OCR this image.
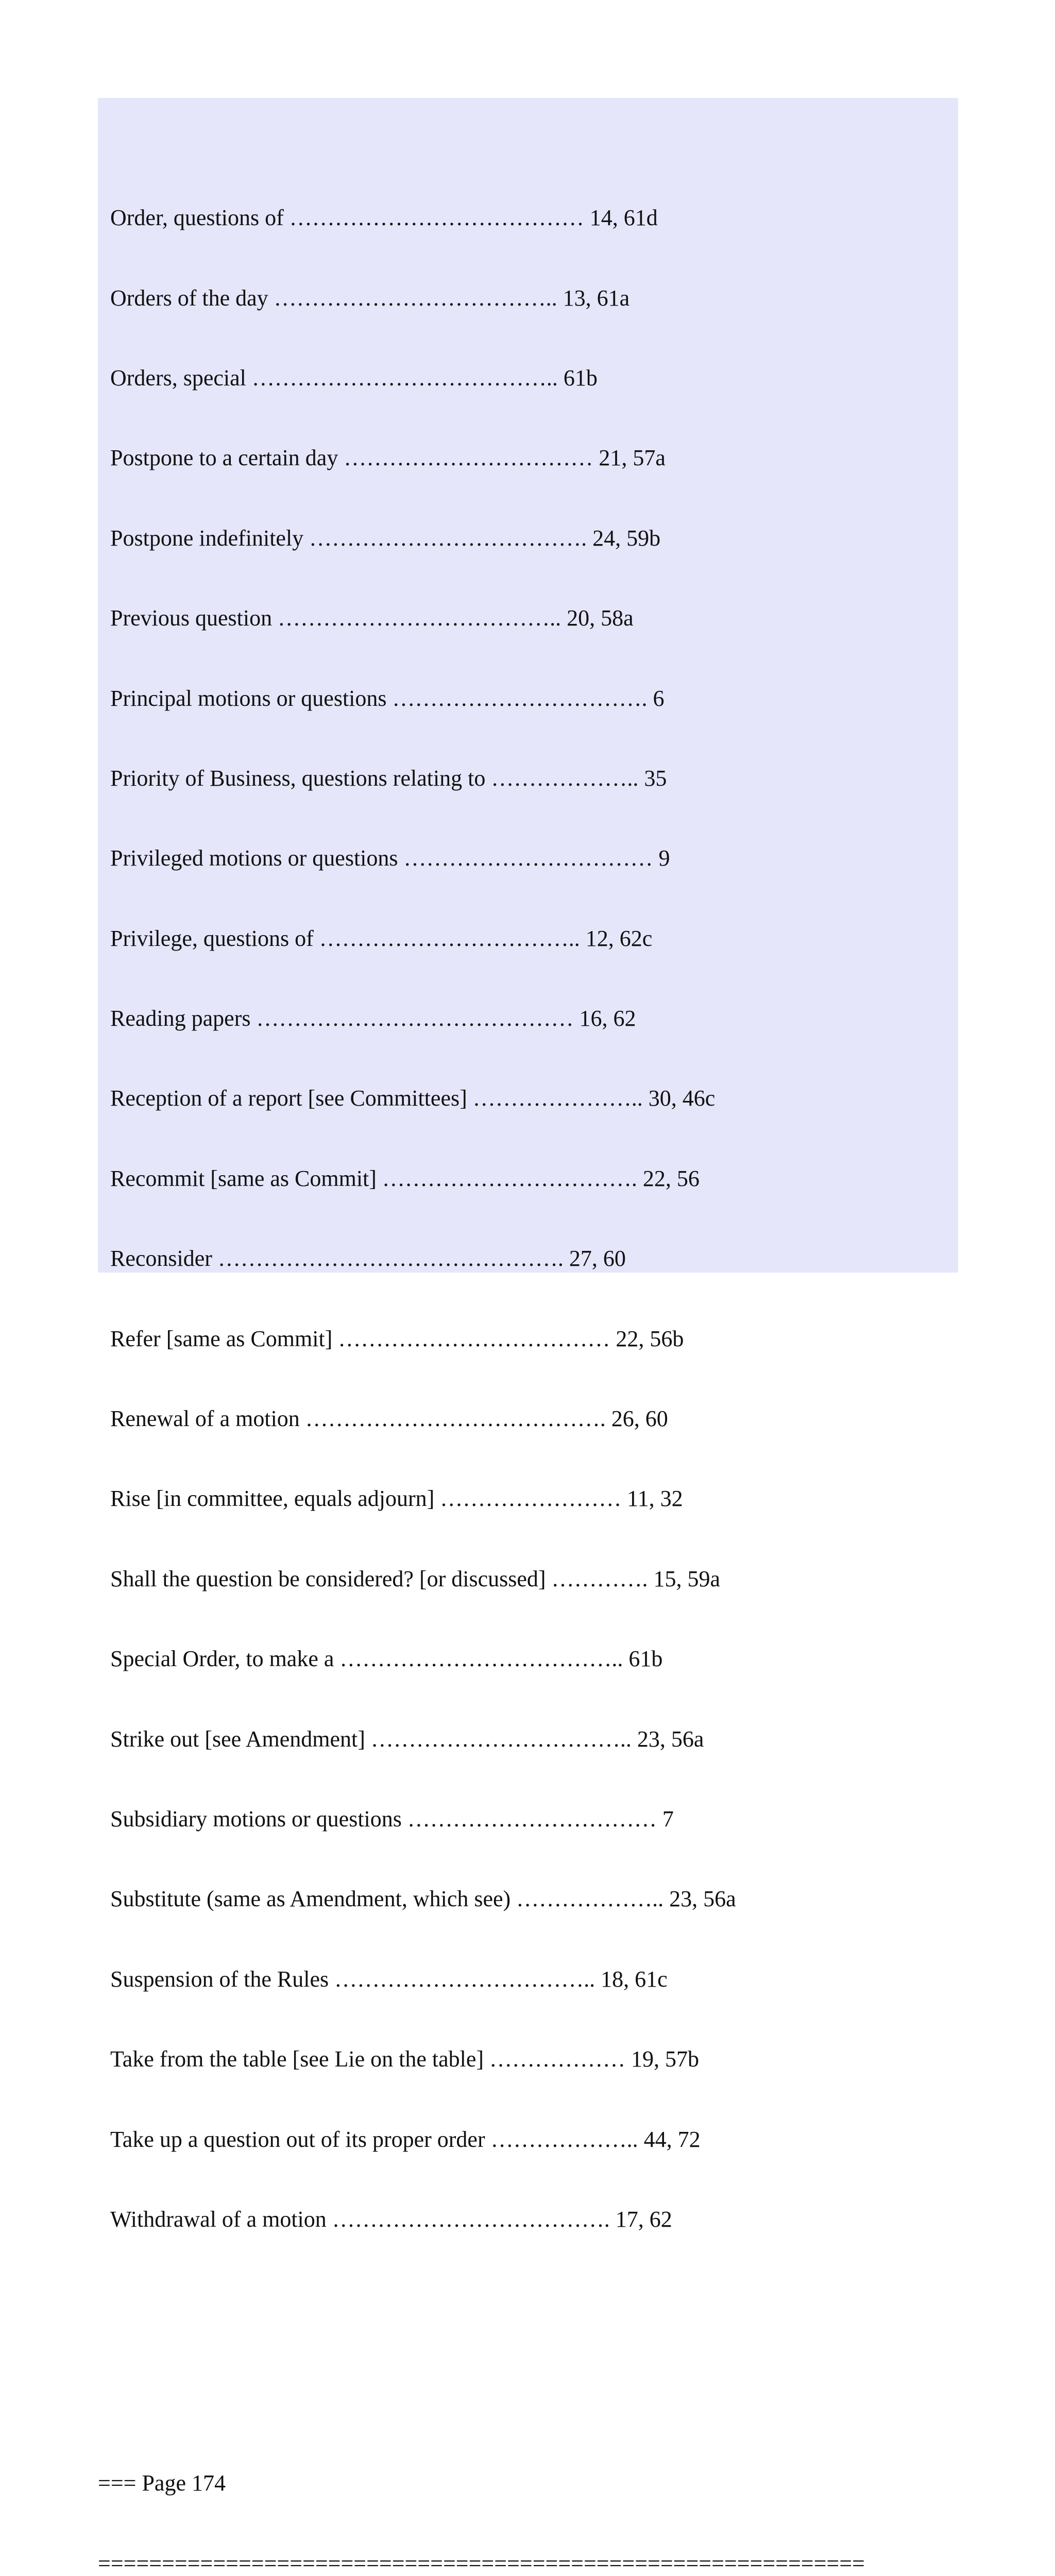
Order, questions of ………………………………… 14, 61d

Orders of the day ……………………………….. 13, 61a

Orders, special ………………………………….. 61b

Postpone to a certain day …………………………… 21, 57a

Postpone indefinitely ………………………………. 24, 59b

Previous question ……………………………….. 20, 58a

Principal motions or questions ……………………………. 6

Priority of Business, questions relating to ……………….. 35

Privileged motions or questions …………………………… 9

Privilege, questions of …………………………….. 12, 62c

Reading papers …………………………………… 16, 62

Reception of a report [see Committees] ………………….. 30, 46c

Recommit [same as Commit] ……………………………. 22, 56

Reconsider ………………………………………. 27, 60

Refer [same as Commit] ……………………………… 22, 56b

Renewal of a motion …………………………………. 26, 60

Rise [in committee, equals adjourn] …………………… 11, 32

Shall the question be considered? [or discussed] …………. 15, 59a

Special Order, to make a ……………………………….. 61b

Strike out [see Amendment] …………………………….. 23, 56a

Subsidiary motions or questions …………………………… 7

Substitute (same as Amendment, which see) ……………….. 23, 56a

Suspension of the Rules …………………………….. 18, 61c

Take from the table [see Lie on the table] ……………… 19, 57b

Take up a question out of its proper order ……………….. 44, 72

Withdrawal of a motion ………………………………. 17, 62

=== Page 174

============================================================
